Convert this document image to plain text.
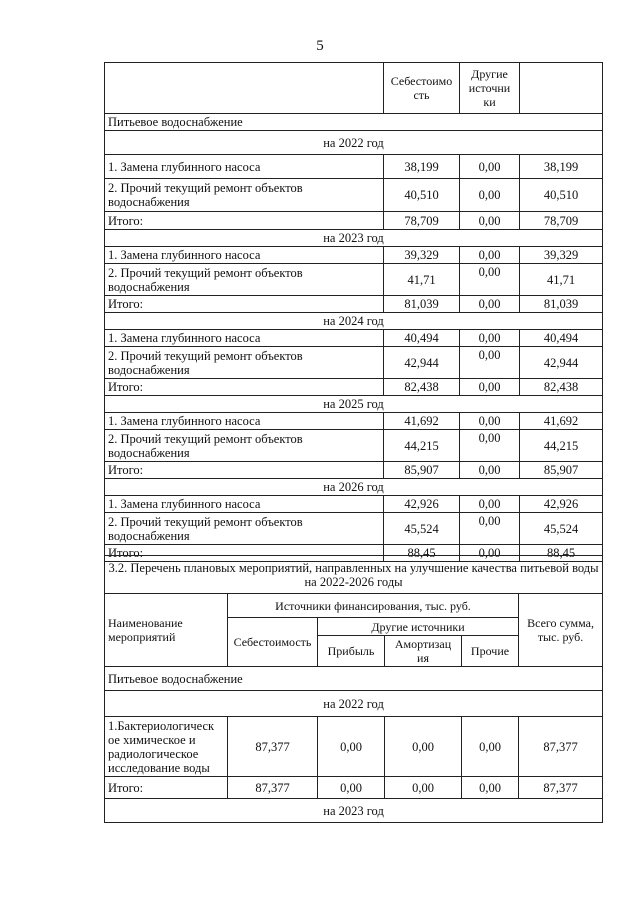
5
	Себестоимо сть	Другие источни ки	
Питьевое водоснабжение			
на 2022 год			
1. Замена глубинного насоса	38,199	0,00	38,199
2. Прочий текущий ремонт объектов водоснабжения	40,510	0,00	40,510
Итого:	78,709	0,00	78,709
на 2023 год			
1. Замена глубинного насоса	39,329	0,00	39,329
2. Прочий текущий ремонт объектов водоснабжения	41,71	0,00	41,71
Итого:	81,039	0,00	81,039
на 2024 год			
1. Замена глубинного насоса	40,494	0,00	40,494
2. Прочий текущий ремонт объектов водоснабжения	42,944	0,00	42,944
Итого:	82,438	0,00	82,438
на 2025 год			
1. Замена глубинного насоса	41,692	0,00	41,692
2. Прочий текущий ремонт объектов водоснабжения	44,215	0,00	44,215
Итого:	85,907	0,00	85,907
на 2026 год			
1. Замена глубинного насоса	42,926	0,00	42,926
2. Прочий текущий ремонт объектов водоснабжения	45,524	0,00	45,524
Итого:	88,45	0,00	88,45
3.2. Перечень плановых мероприятий, направленных на улучшение качества питьевой воды на 2022-2026 годы					
Наименование мероприятий	Источники финансирования, тыс. руб.				Всего сумма, тыс. руб.
	Себестоимость	Другие источники			
		Прибыль	Амортизац ия	Прочие	
Питьевое водоснабжение					
на 2022 год					
1.Бактериологическ ое химическое и радиологическое исследование воды	87,377	0,00	0,00	0,00	87,377
Итого:	87,377	0,00	0,00	0,00	87,377
на 2023 год					
